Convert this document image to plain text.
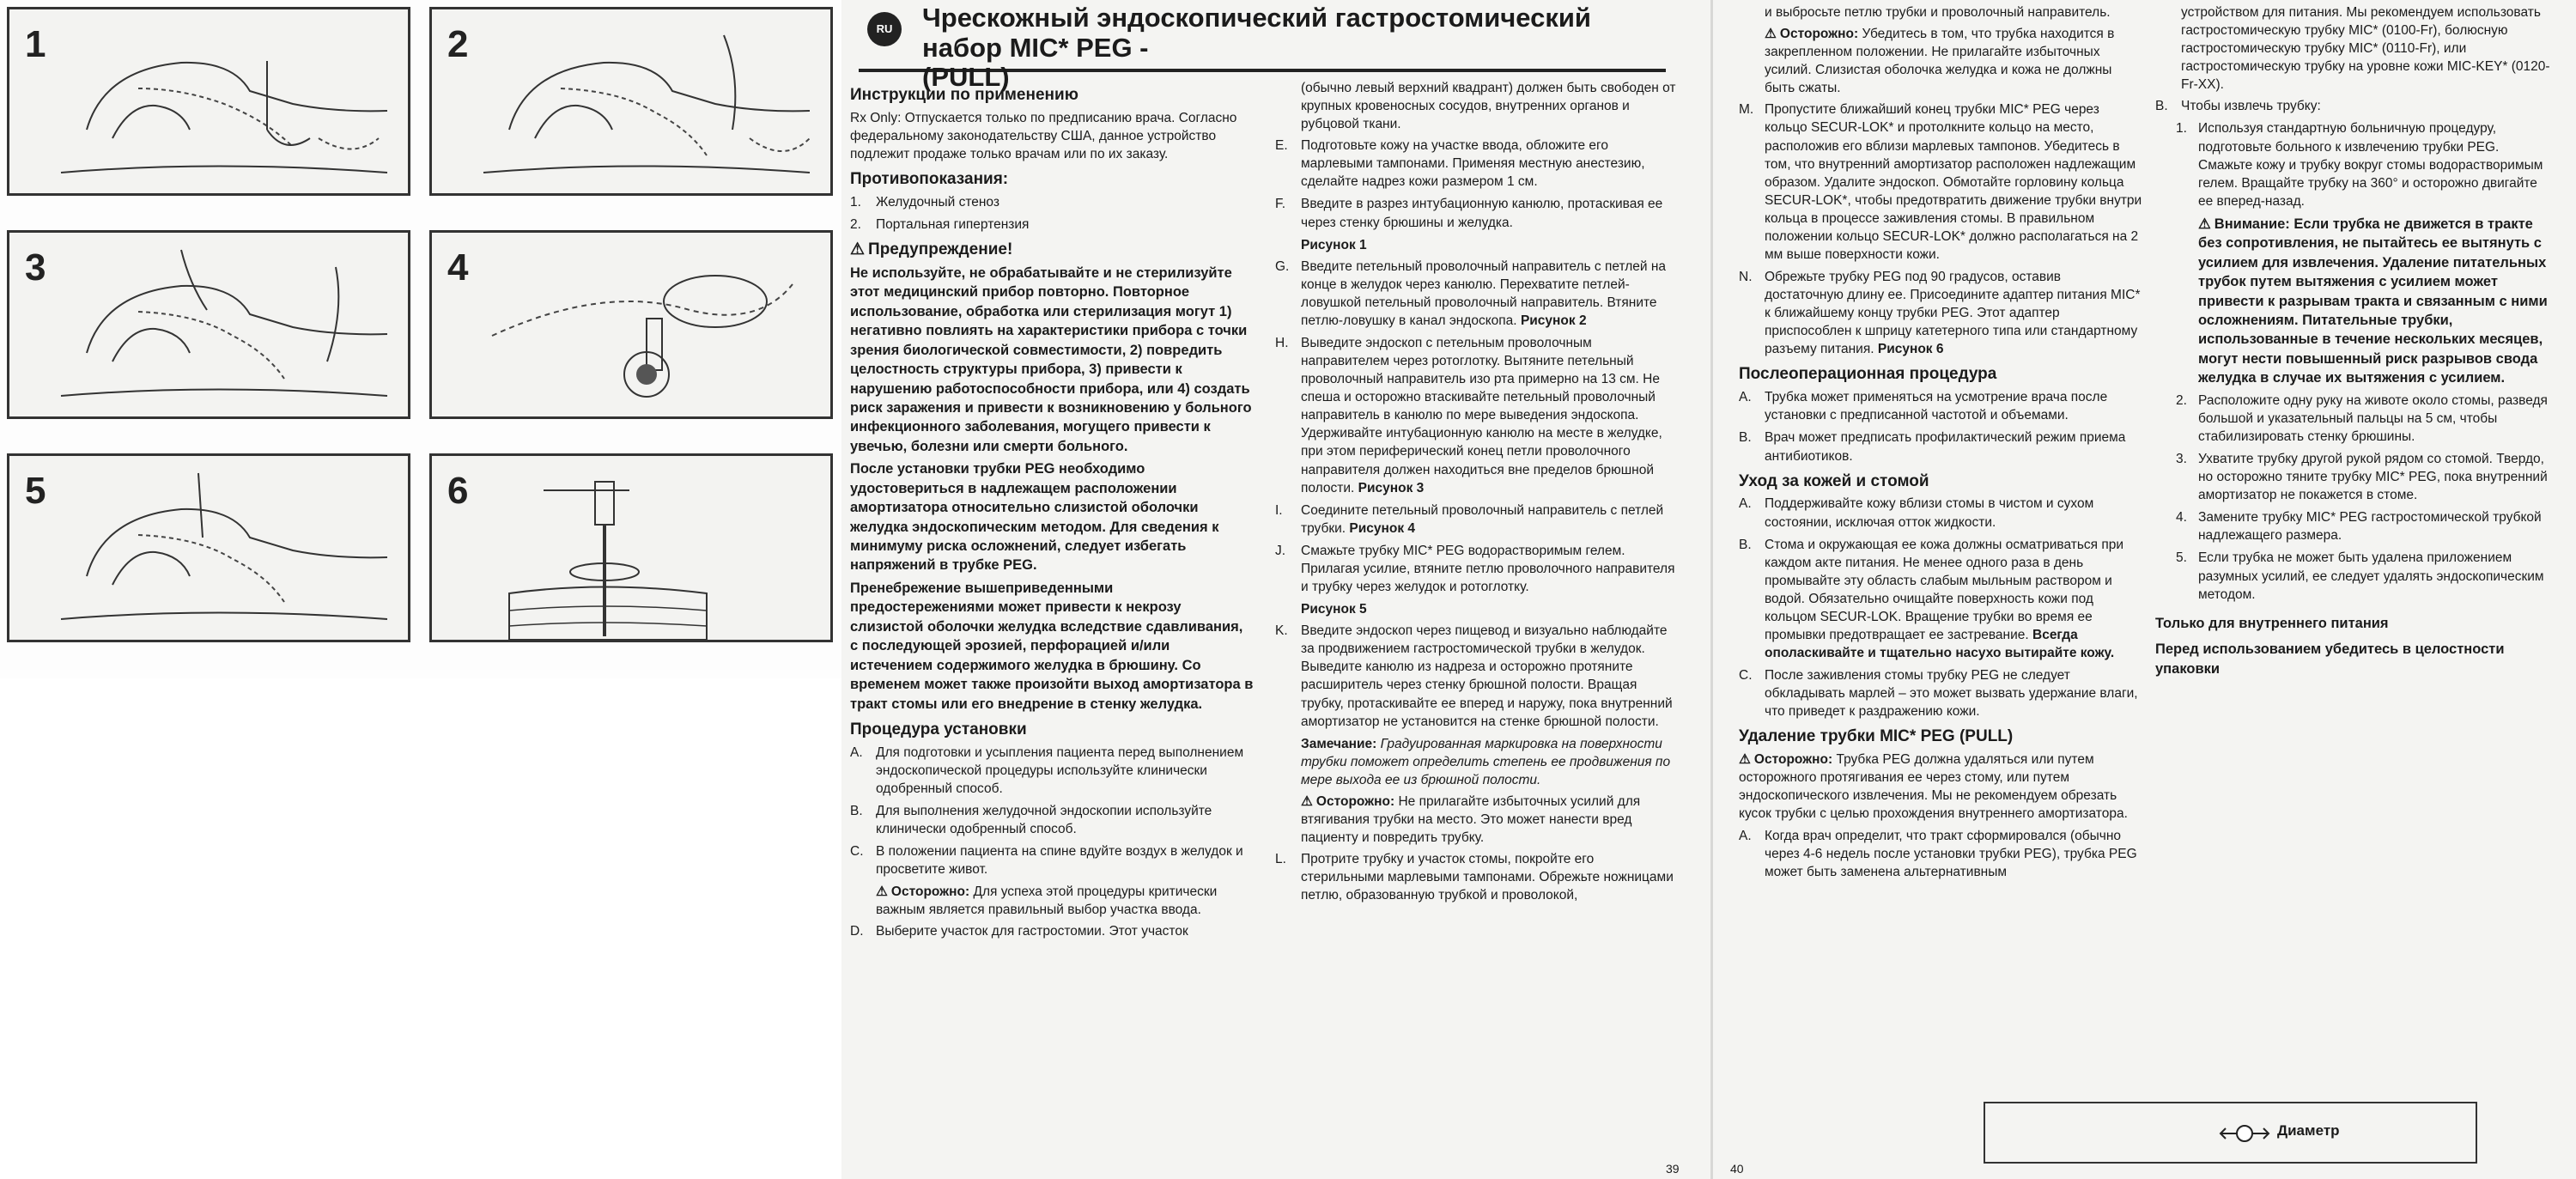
1	2
3	4
5	6
RU	Чрескожный эндоскопический гастростомический набор MIC* PEG -
(PULL)
Инструкции по применению

Rx Only: Отпускается только по предписанию врача. Согласно федеральному законодательству США, данное устройство подлежит продаже только врачам или по их заказу.

Противопоказания:
1.	Желудочный стеноз
2.	Портальная гипертензия
⚠ Предупреждение!

Не используйте, не обрабатывайте и не стерилизуйте этот медицинский прибор повторно. Повторное использование, обработка или стерилизация могут 1) негативно повлиять на характеристики прибора с точки зрения биологической совместимости, 2) повредить целостность структуры прибора, 3) привести к нарушению работоспособности прибора, или 4) создать риск заражения и привести к возникновению у больного инфекционного заболевания, могущего привести к увечью, болезни или смерти больного.

После установки трубки PEG необходимо удостовериться в надлежащем расположении амортизатора относительно слизистой оболочки желудка эндоскопическим методом. Для сведения к минимуму риска осложнений, следует избегать напряжений в трубке PEG.

Пренебрежение вышеприведенными предостережениями может привести к некрозу слизистой оболочки желудка вследствие сдавливания, с последующей эрозией, перфорацией и/или истечением содержимого желудка в брюшину. Со временем может также произойти выход амортизатора в тракт стомы или его внедрение в стенку желудка.

Процедура установки
A. Для подготовки и усыпления пациента перед выполнением эндоскопической процедуры используйте клинически одобренный способ.
B. Для выполнения желудочной эндоскопии используйте клинически одобренный способ.
C. В положении пациента на спине вдуйте воздух в желудок и просветите живот.

⚠ Осторожно: Для успеха этой процедуры критически важным является правильный выбор участка ввода.

D. Выберите участок для гастростомии. Этот участок

(обычно левый верхний квадрант) должен быть свободен от крупных кровеносных сосудов, внутренних органов и рубцовой ткани.

E. Подготовьте кожу на участке ввода, обложите его марлевыми тампонами. Применяя местную анестезию, сделайте надрез кожи размером 1 см.
F.	Введите в разрез интубационную канюлю, протаскивая ее через стенку брюшины и желудка.

Рисунок 1

G. Введите петельный проволочный направитель с петлей на конце в желудок через канюлю. Перехватите петлей-ловушкой петельный проволочный направитель. Втяните петлю-ловушку в канал эндоскопа. Рисунок 2
H. Выведите эндоскоп с петельным проволочным направителем через ротоглотку. Вытяните петельный проволочный направитель изо рта примерно на 13 см. Не спеша и осторожно втаскивайте петельный проволочный направитель в канюлю по мере выведения эндоскопа. Удерживайте интубационную канюлю на месте в желудке, при этом периферический конец петли проволочного направителя должен находиться вне пределов брюшной полости. Рисунок 3
I.	Соедините петельный проволочный направитель с петлей трубки. Рисунок 4
J.	Смажьте трубку MIC* PEG водорастворимым гелем. Прилагая усилие, втяните петлю проволочного направителя и трубку через желудок и ротоглотку.

Рисунок 5

K. Введите эндоскоп через пищевод и визуально наблюдайте за продвижением гастростомической трубки в желудок. Выведите канюлю из надреза и осторожно протяните расширитель через стенку брюшной полости. Вращая трубку, протаскивайте ее вперед и наружу, пока внутренний амортизатор не установится на стенке брюшной полости.

Замечание: Градуированная маркировка на поверхности трубки поможет определить степень ее продвижения по мере выхода ее из брюшной полости.

⚠ Осторожно: Не прилагайте избыточных усилий для втягивания трубки на место. Это может нанести вред пациенту и повредить трубку.

L.	Протрите трубку и участок стомы, покройте его стерильными марлевыми тампонами. Обрежьте ножницами петлю, образованную трубкой и проволокой,
39	40

и выбросьте петлю трубки и проволочный направитель.

⚠ Осторожно: Убедитесь в том, что трубка находится в закрепленном положении. Не прилагайте избыточных усилий. Слизистая оболочка желудка и кожа не должны быть сжаты.

M. Пропустите ближайший конец трубки MIC* PEG через кольцо SECUR-LOK* и протолкните кольцо на место, расположив его вблизи марлевых тампонов. Убедитесь в том, что внутренний амортизатор расположен надлежащим образом. Удалите эндоскоп. Обмотайте горловину кольца SECUR-LOK*, чтобы предотвратить движение трубки внутри кольца в процессе заживления стомы. В правильном положении кольцо SECUR-LOK* должно располагаться на 2 мм выше поверхности кожи.
N. Обрежьте трубку PEG под 90 градусов, оставив достаточную длину ее. Присоедините адаптер питания MIC* к ближайшему концу трубки PEG. Этот адаптер приспособлен к шприцу катетерного типа или стандартному разъему питания. Рисунок 6
Послеоперационная процедура
A. Трубка может применяться на усмотрение врача после установки с предписанной частотой и объемами.
B. Врач может предписать профилактический режим приема антибиотиков.
Уход за кожей и стомой
A. Поддерживайте кожу вблизи стомы в чистом и сухом состоянии, исключая отток жидкости.
B. Стома и окружающая ее кожа должны осматриваться при каждом акте питания. Не менее одного раза в день промывайте эту область слабым мыльным раствором и водой. Обязательно очищайте поверхность кожи под кольцом SECUR-LOK. Вращение трубки во время ее промывки предотвращает ее застревание. Всегда ополаскивайте и тщательно насухо вытирайте кожу.
C. После заживления стомы трубку PEG не следует обкладывать марлей – это может вызвать удержание влаги, что приведет к раздражению кожи.
Удаление трубки MIC* PEG (PULL)

⚠ Осторожно: Трубка PEG должна удаляться или путем осторожного протягивания ее через стому, или путем эндоскопического извлечения. Мы не рекомендуем обрезать кусок трубки с целью прохождения внутреннего амортизатора.

A. Когда врач определит, что тракт сформировался (обычно через 4-6 недель после установки трубки PEG), трубка PEG может быть заменена альтернативным

устройством для питания. Мы рекомендуем использовать гастростомическую трубку MIC* (0100-Fr), болюсную гастростомическую трубку MIC* (0110-Fr), или гастростомическую трубку на уровне кожи MIC-KEY* (0120-Fr-XX).

B. Чтобы извлечь трубку:
1. Используя стандартную больничную процедуру, подготовьте больного к извлечению трубки PEG. Смажьте кожу и трубку вокруг стомы водорастворимым гелем. Вращайте трубку на 360° и осторожно двигайте ее вперед-назад.

⚠ Внимание: Если трубка не движется в тракте без сопротивления, не пытайтесь ее вытянуть с усилием для извлечения. Удаление питательных трубок путем вытяжения с усилием может привести к разрывам тракта и связанным с ними осложнениям. Питательные трубки, использованные в течение нескольких месяцев, могут нести повышенный риск разрывов свода желудка в случае их вытяжения с усилием.

2. Расположите одну руку на животе около стомы, разведя большой и указательный пальцы на 5 см, чтобы стабилизировать стенку брюшины.
3. Ухватите трубку другой рукой рядом со стомой. Твердо, но осторожно тяните трубку MIC* PEG, пока внутренний амортизатор не покажется в стоме.
4. Замените трубку MIC* PEG гастростомической трубкой надлежащего размера.
5. Если трубка не может быть удалена приложением разумных усилий, ее следует удалять эндоскопическим методом.

Только для внутреннего питания

Перед использованием убедитесь в целостности упаковки

Диаметр
